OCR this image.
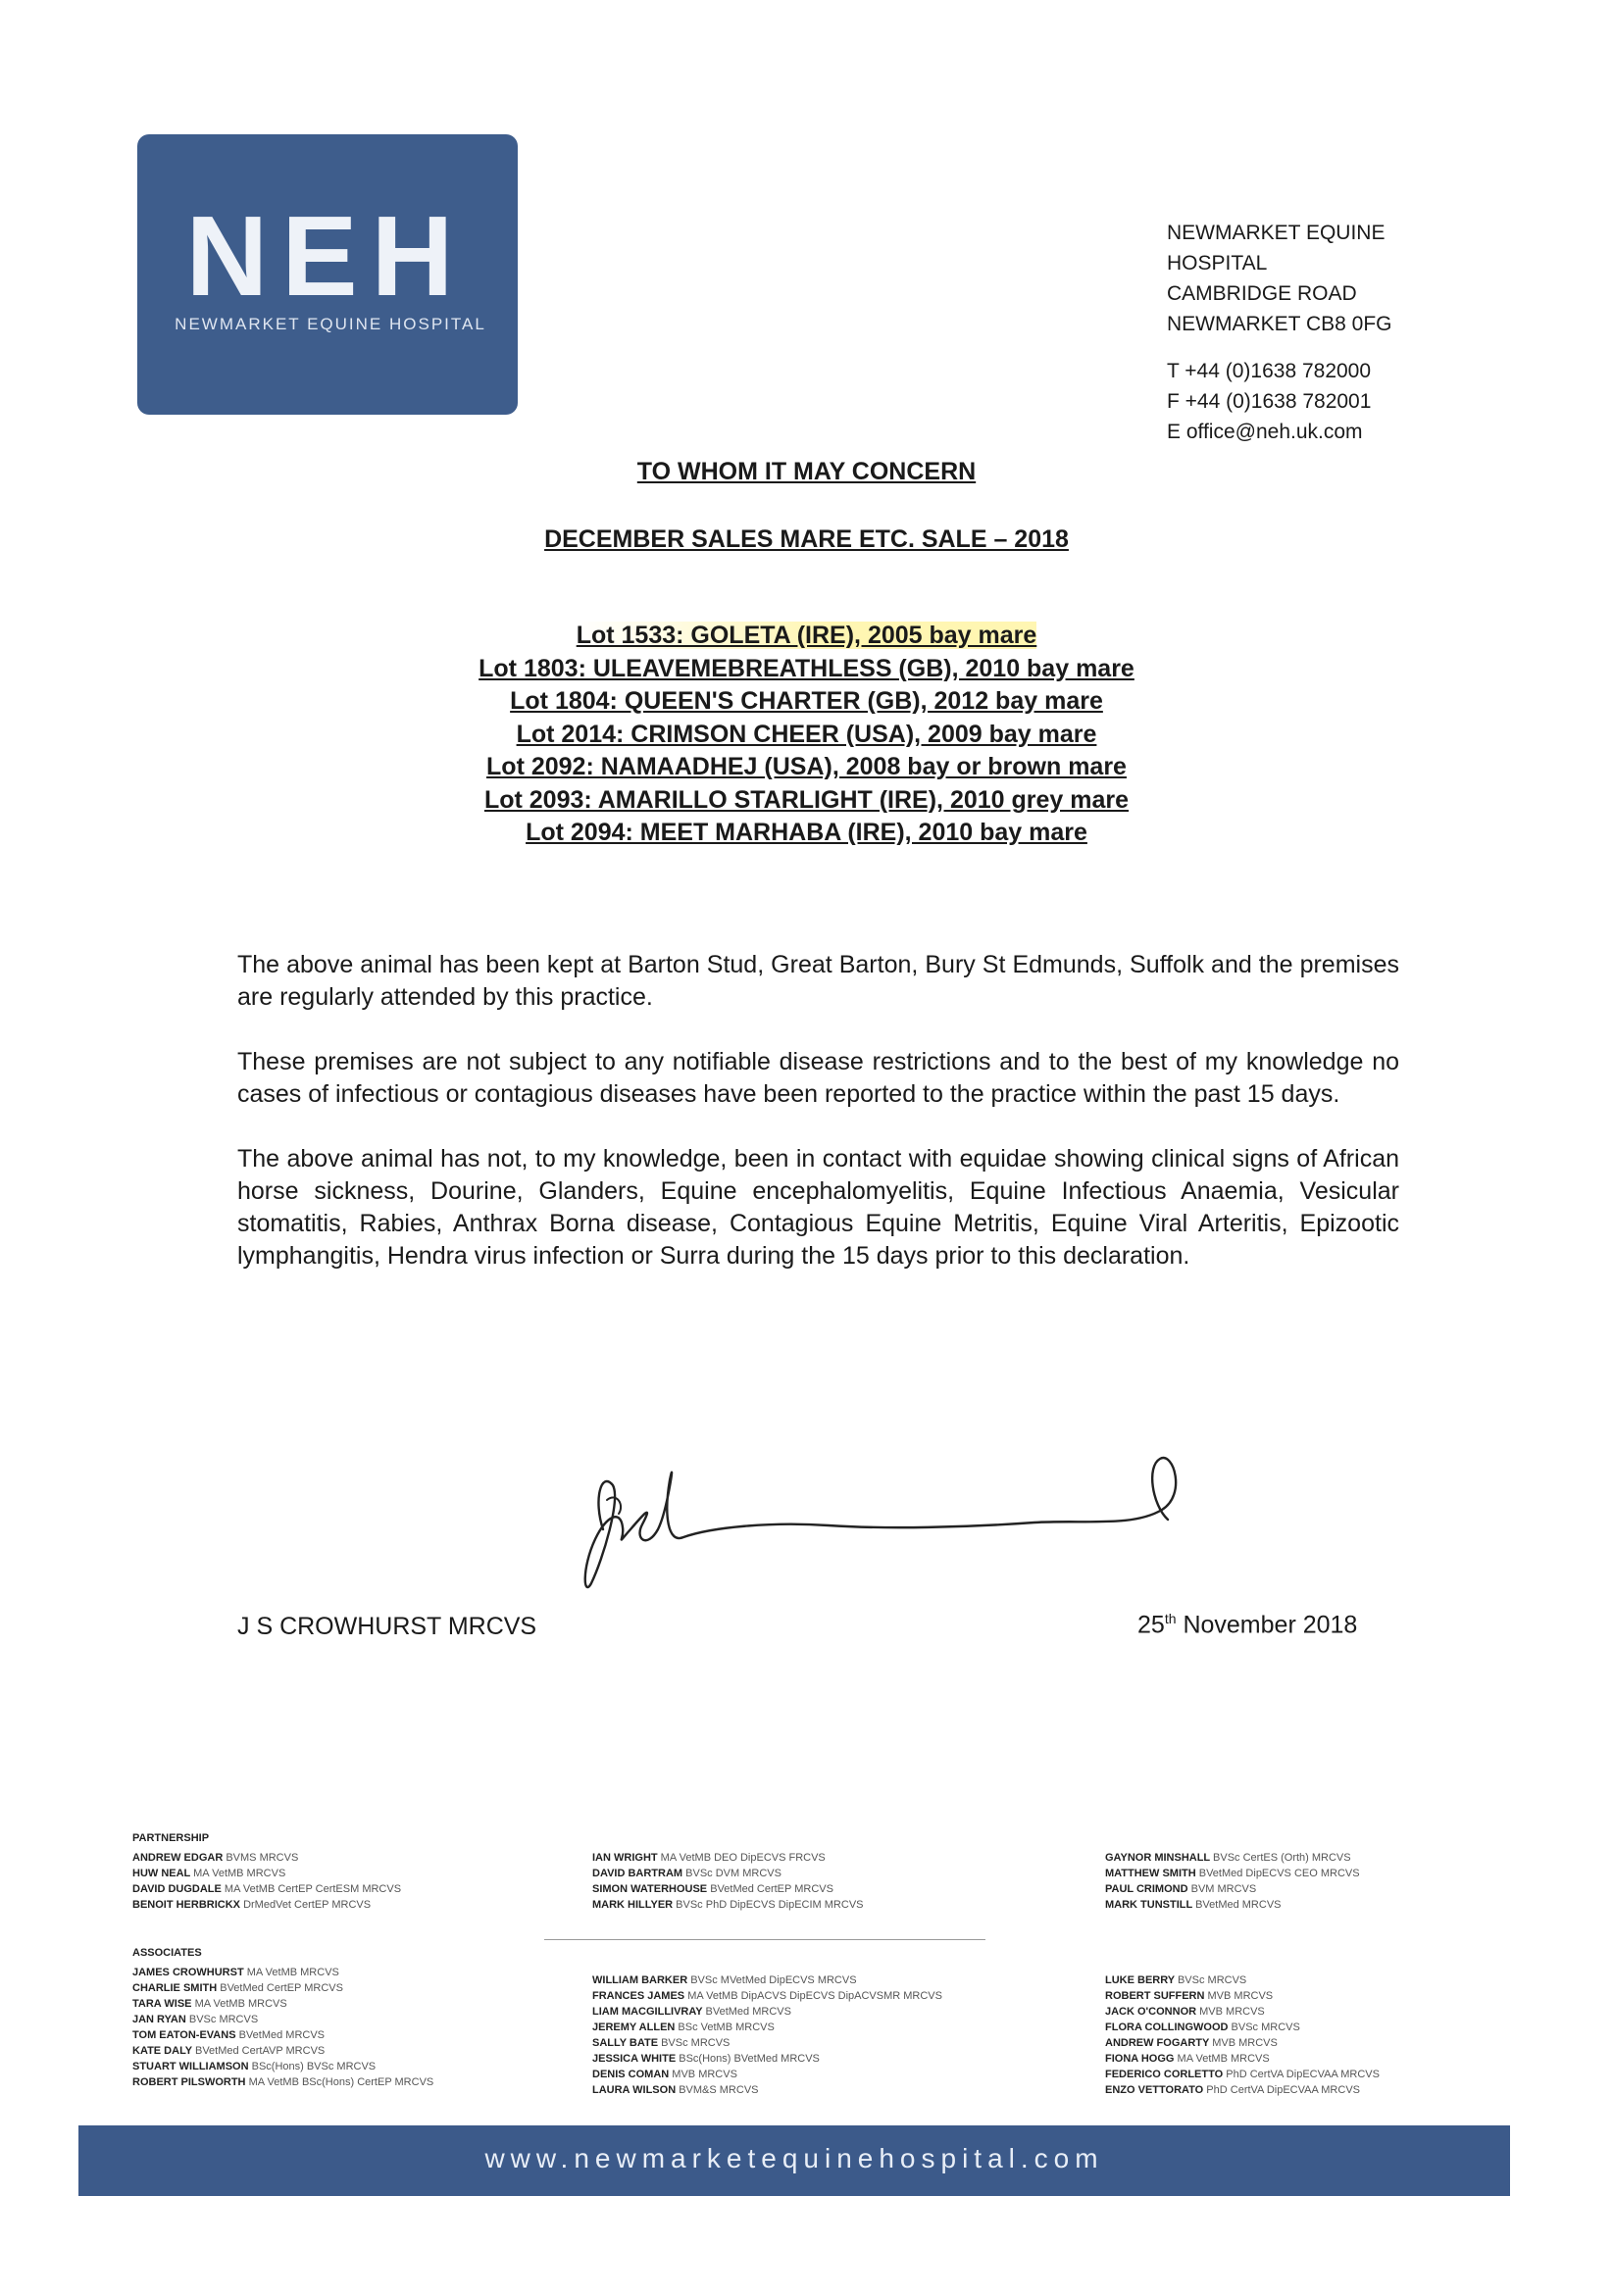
NEH
NEWMARKET EQUINE HOSPITAL
NEWMARKET EQUINE HOSPITAL
CAMBRIDGE ROAD
NEWMARKET CB8 0FG
T +44 (0)1638 782000
F +44 (0)1638 782001
E office@neh.uk.com
TO WHOM IT MAY CONCERN
DECEMBER SALES MARE ETC. SALE – 2018
Lot 1533: GOLETA (IRE), 2005 bay mare
Lot 1803: ULEAVEMEBREATHLESS (GB), 2010 bay mare
Lot 1804: QUEEN'S CHARTER (GB), 2012 bay mare
Lot 2014: CRIMSON CHEER (USA), 2009 bay mare
Lot 2092: NAMAADHEJ (USA), 2008 bay or brown mare
Lot 2093: AMARILLO STARLIGHT (IRE), 2010 grey mare
Lot 2094: MEET MARHABA (IRE), 2010 bay mare

The above animal has been kept at Barton Stud, Great Barton, Bury St Edmunds, Suffolk and the premises are regularly attended by this practice.

These premises are not subject to any notifiable disease restrictions and to the best of my knowledge no cases of infectious or contagious diseases have been reported to the practice within the past 15 days.

The above animal has not, to my knowledge, been in contact with equidae showing clinical signs of African horse sickness, Dourine, Glanders, Equine encephalomyelitis, Equine Infectious Anaemia, Vesicular stomatitis, Rabies, Anthrax Borna disease, Contagious Equine Metritis, Equine Viral Arteritis, Epizootic lymphangitis, Hendra virus infection or Surra during the 15 days prior to this declaration.

J S CROWHURST MRCVS	25th November 2018
PARTNERSHIP
ANDREW EDGAR BVMS MRCVS
HUW NEAL MA VetMB MRCVS
DAVID DUGDALE MA VetMB CertEP CertESM MRCVS
BENOIT HERBRICKX DrMedVet CertEP MRCVS
IAN WRIGHT MA VetMB DEO DipECVS FRCVS
DAVID BARTRAM BVSc DVM MRCVS
SIMON WATERHOUSE BVetMed CertEP MRCVS
MARK HILLYER BVSc PhD DipECVS DipECIM MRCVS
GAYNOR MINSHALL BVSc CertES (Orth) MRCVS
MATTHEW SMITH BVetMed DipECVS CEO MRCVS
PAUL CRIMOND BVM MRCVS
MARK TUNSTILL BVetMed MRCVS
ASSOCIATES
JAMES CROWHURST MA VetMB MRCVS
CHARLIE SMITH BVetMed CertEP MRCVS
TARA WISE MA VetMB MRCVS
JAN RYAN BVSc MRCVS
TOM EATON-EVANS BVetMed MRCVS
KATE DALY BVetMed CertAVP MRCVS
STUART WILLIAMSON BSc(Hons) BVSc MRCVS
ROBERT PILSWORTH MA VetMB BSc(Hons) CertEP MRCVS
WILLIAM BARKER BVSc MVetMed DipECVS MRCVS
FRANCES JAMES MA VetMB DipACVS DipECVS DipACVSMR MRCVS
LIAM MACGILLIVRAY BVetMed MRCVS
JEREMY ALLEN BSc VetMB MRCVS
SALLY BATE BVSc MRCVS
JESSICA WHITE BSc(Hons) BVetMed MRCVS
DENIS COMAN MVB MRCVS
LAURA WILSON BVM&S MRCVS
LUKE BERRY BVSc MRCVS
ROBERT SUFFERN MVB MRCVS
JACK O'CONNOR MVB MRCVS
FLORA COLLINGWOOD BVSc MRCVS
ANDREW FOGARTY MVB MRCVS
FIONA HOGG MA VetMB MRCVS
FEDERICO CORLETTO PhD CertVA DipECVAA MRCVS
ENZO VETTORATO PhD CertVA DipECVAA MRCVS
www.newmarketequinehospital.com
